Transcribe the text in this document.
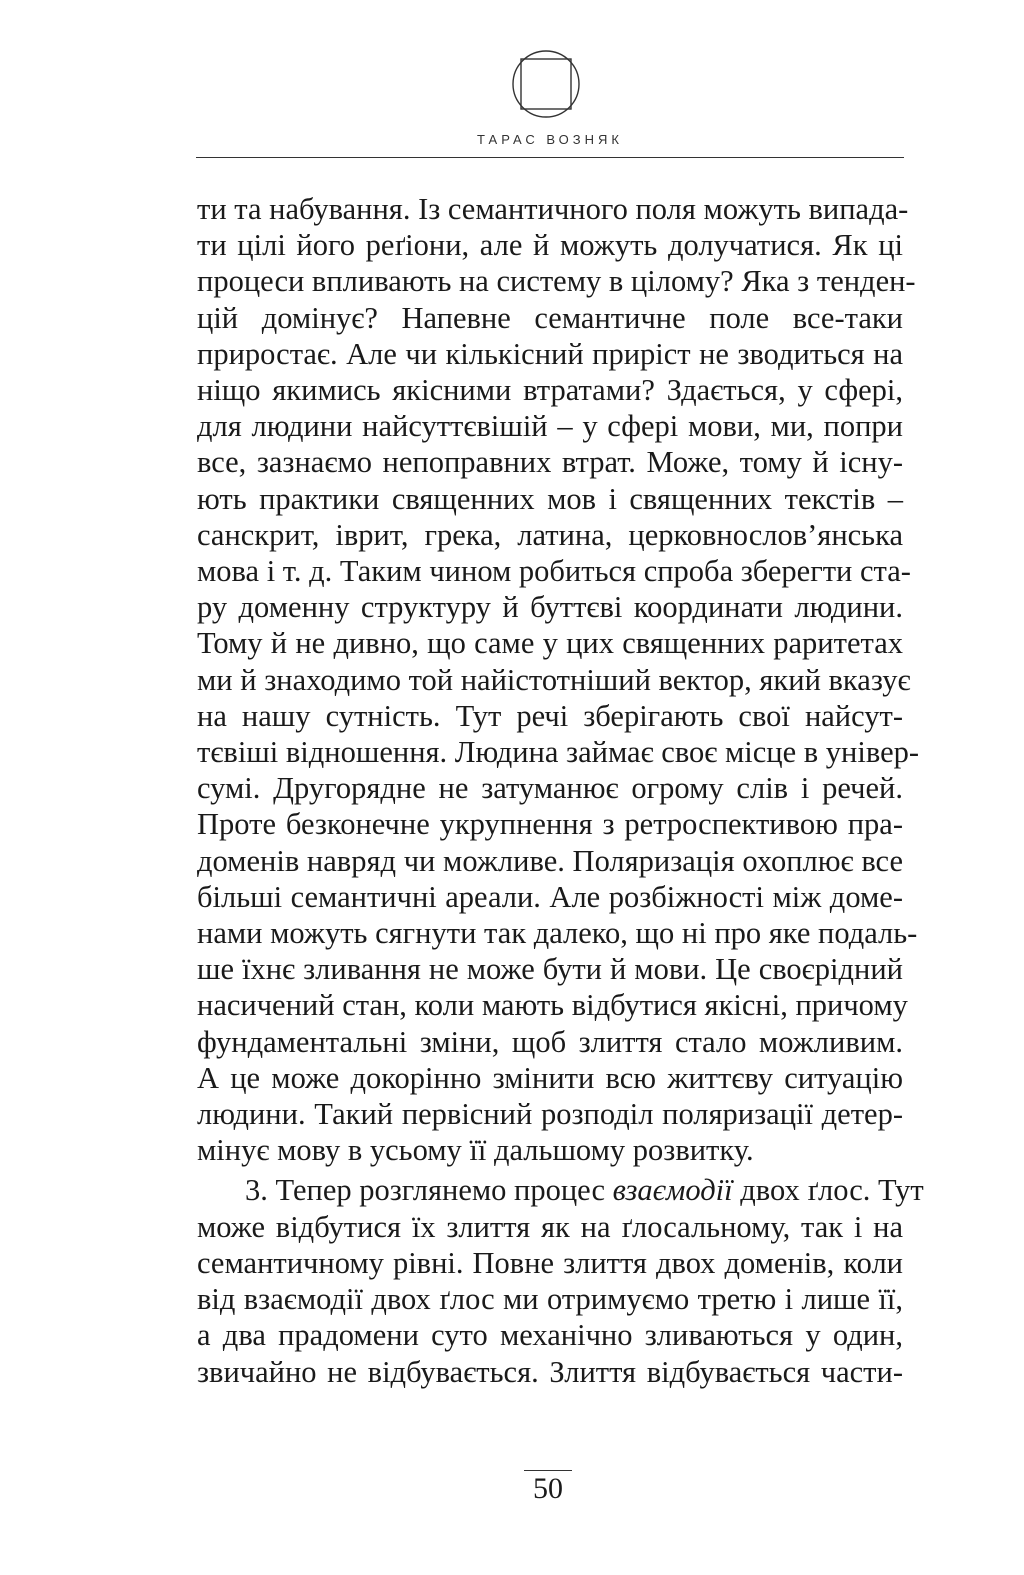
ТАРАС ВОЗНЯК
ти та набування. Із семантичного поля можуть випада-
ти цілі його реґіони, але й можуть долучатися. Як ці
процеси впливають на систему в цілому? Яка з тенден-
цій домінує? Напевне семантичне поле все-таки
приростає. Але чи кількісний приріст не зводиться на
ніщо якимись якісними втратами? Здається, у сфері,
для людини найсуттєвішій – у сфері мови, ми, попри
все, зазнаємо непоправних втрат. Може, тому й існу-
ють практики священних мов і священних текстів –
санскрит, іврит, грека, латина, церковнослов’янська
мова і т. д. Таким чином робиться спроба зберегти ста-
ру доменну структуру й буттєві координати людини.
Тому й не дивно, що саме у цих священних раритетах
ми й знаходимо той найістотніший вектор, який вказує
на нашу сутність. Тут речі зберігають свої найсут-
тєвіші відношення. Людина займає своє місце в універ-
сумі. Другорядне не затуманює огрому слів і речей.
Проте безконечне укрупнення з ретроспективою пра-
доменів навряд чи можливе. Поляризація охоплює все
більші семантичні ареали. Але розбіжності між домe-
нами можуть сягнути так далеко, що ні про яке подаль-
ше їхнє зливання не може бути й мови. Це своєрідний
насичений стан, коли мають відбутися якісні, причому
фундаментальні зміни, щоб злиття стало можливим.
А це може докорінно змінити всю життєву ситуацію
людини. Такий первісний розподіл поляризації детер-
мінує мову в усьому її дальшому розвитку.
3. Тепер розглянемо процес взаємодії двох ґлос. Тут
може відбутися їх злиття як на ґлосальному, так і на
семантичному рівні. Повне злиття двох доменів, коли
від взаємодії двох ґлос ми отримуємо третю і лише її,
а два прадомени суто механічно зливаються у один,
звичайно не відбувається. Злиття відбувається части-
50
